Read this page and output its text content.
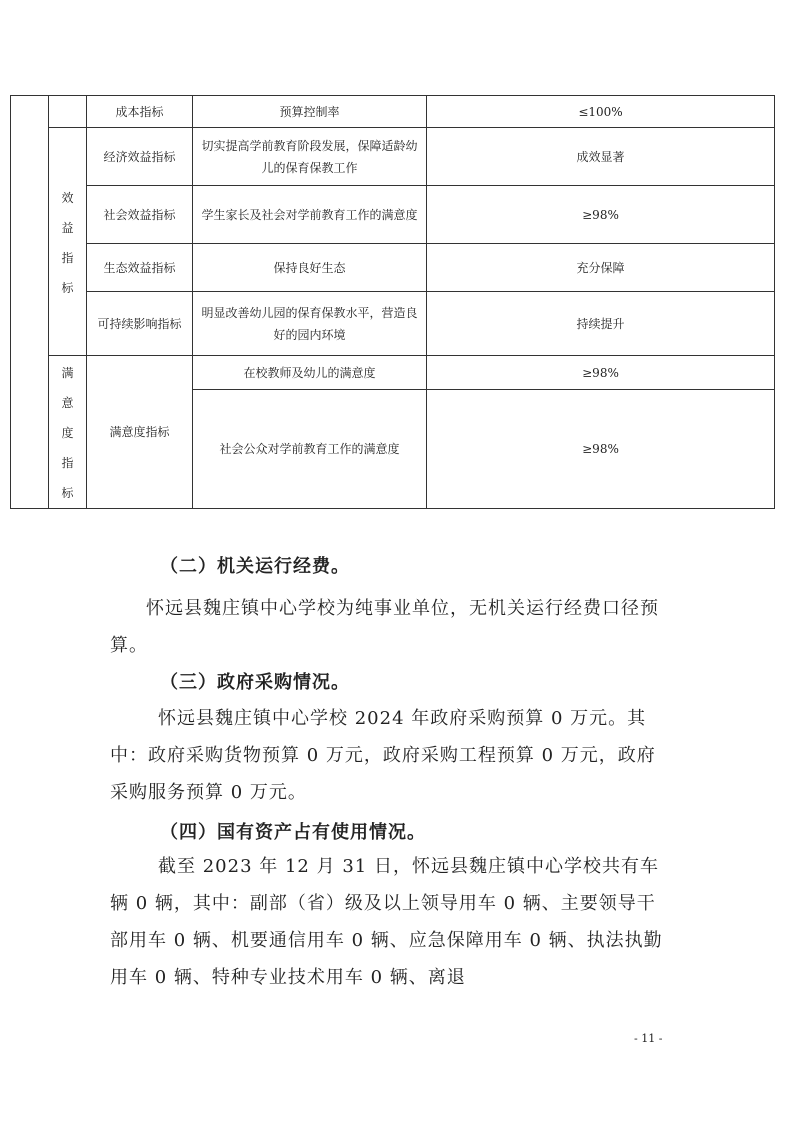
		成本指标	预算控制率	≤100%

	效
益
指
标	经济效益指标	切实提高学前教育阶段发展，保障适龄幼儿的保育保教工作	成效显著
		社会效益指标	学生家长及社会对学前教育工作的满意度	≥98%
		生态效益指标	保持良好生态	充分保障
		可持续影响指标	明显改善幼儿园的保育保教水平，营造良好的园内环境	持续提升

	满
意
度
指
标	满意度指标	在校教师及幼儿的满意度	≥98%
			社会公众对学前教育工作的满意度	≥98%
（二）机关运行经费。
怀远县魏庄镇中心学校为纯事业单位，无机关运行经费口径预算。
（三）政府采购情况。
怀远县魏庄镇中心学校 2024 年政府采购预算 0 万元。其中：政府采购货物预算 0 万元，政府采购工程预算 0 万元，政府采购服务预算 0 万元。
（四）国有资产占有使用情况。
截至 2023 年 12 月 31 日，怀远县魏庄镇中心学校共有车辆 0 辆，其中：副部（省）级及以上领导用车 0 辆、主要领导干部用车 0 辆、机要通信用车 0 辆、应急保障用车 0 辆、执法执勤用车 0 辆、特种专业技术用车 0 辆、离退
- 11 -
